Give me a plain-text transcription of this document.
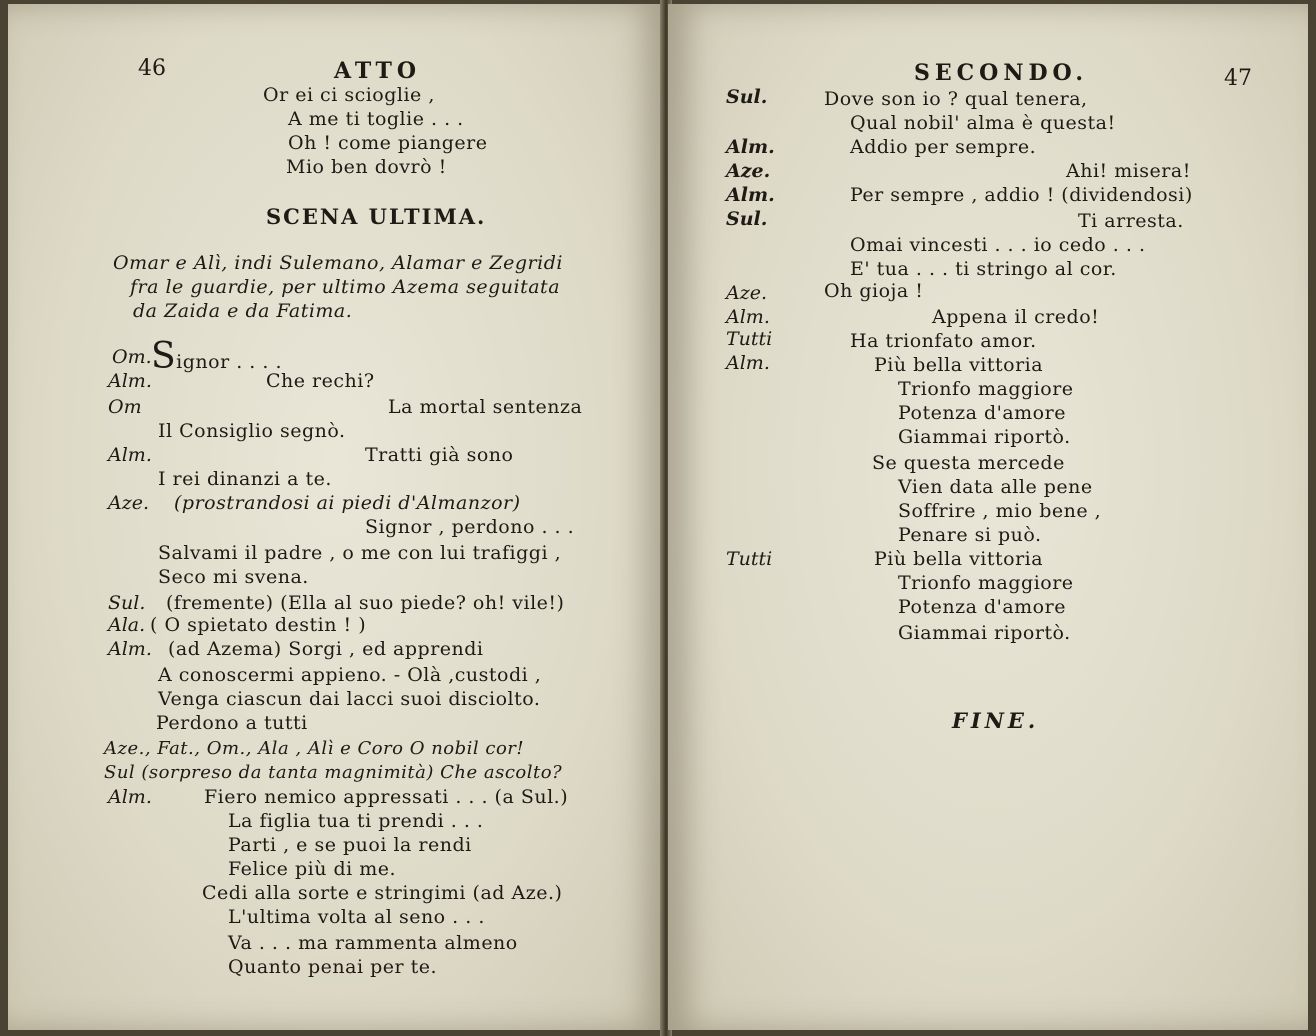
46	ATTO
Or ei ci scioglie ,
A me ti toglie . . .
Oh ! come piangere
Mio ben dovrò !
SCENA ULTIMA.
Omar e Alì, indi Sulemano, Alamar e Zegridi
fra le guardie, per ultimo Azema seguitata
da Zaida e da Fatima.
Om. Signor . . . .
Alm.	Che rechi?
Om	La mortal sentenza
Il Consiglio segnò.
Alm.	Tratti già sono
I rei dinanzi a te.
Aze. (prostrandosi ai piedi d'Almanzor)
Signor , perdono . . .
Salvami il padre , o me con lui trafiggi ,
Seco mi svena.
Sul. (fremente) (Ella al suo piede? oh! vile!)
Ala. ( O spietato destin ! )
Alm. (ad Azema) Sorgi , ed apprendi
A conoscermi appieno. - Olà ,custodi ,
Venga ciascun dai lacci suoi disciolto.
Perdono a tutti
Aze., Fat., Om., Ala , Alì e Coro O nobil cor!
Sul (sorpreso da tanta magnimità) Che ascolto?
Alm.	Fiero nemico appressati . . . (a Sul.)
La figlia tua ti prendi . . .
Parti , e se puoi la rendi
Felice più di me.
Cedi alla sorte e stringimi (ad Aze.)
L'ultima volta al seno . . .
Va . . . ma rammenta almeno
Quanto penai per te.
SECONDO.	47
Sul.	Dove son io ? qual tenera,
Qual nobil' alma è questa!
Alm.	Addio per sempre.
Aze.	Ahi! misera!
Alm.	Per sempre , addio ! (dividendosi)
Sul.	Ti arresta.
Omai vincesti . . . io cedo . . .
E' tua . . . ti stringo al cor.
Aze.	Oh gioja !
Alm.	Appena il credo!
Tutti	Ha trionfato amor.
Alm.	Più bella vittoria
Trionfo maggiore
Potenza d'amore
Giammai riportò.
Se questa mercede
Vien data alle pene
Soffrire , mio bene ,
Penare si può.
Tutti	Più bella vittoria
Trionfo maggiore
Potenza d'amore
Giammai riportò.
FINE.
